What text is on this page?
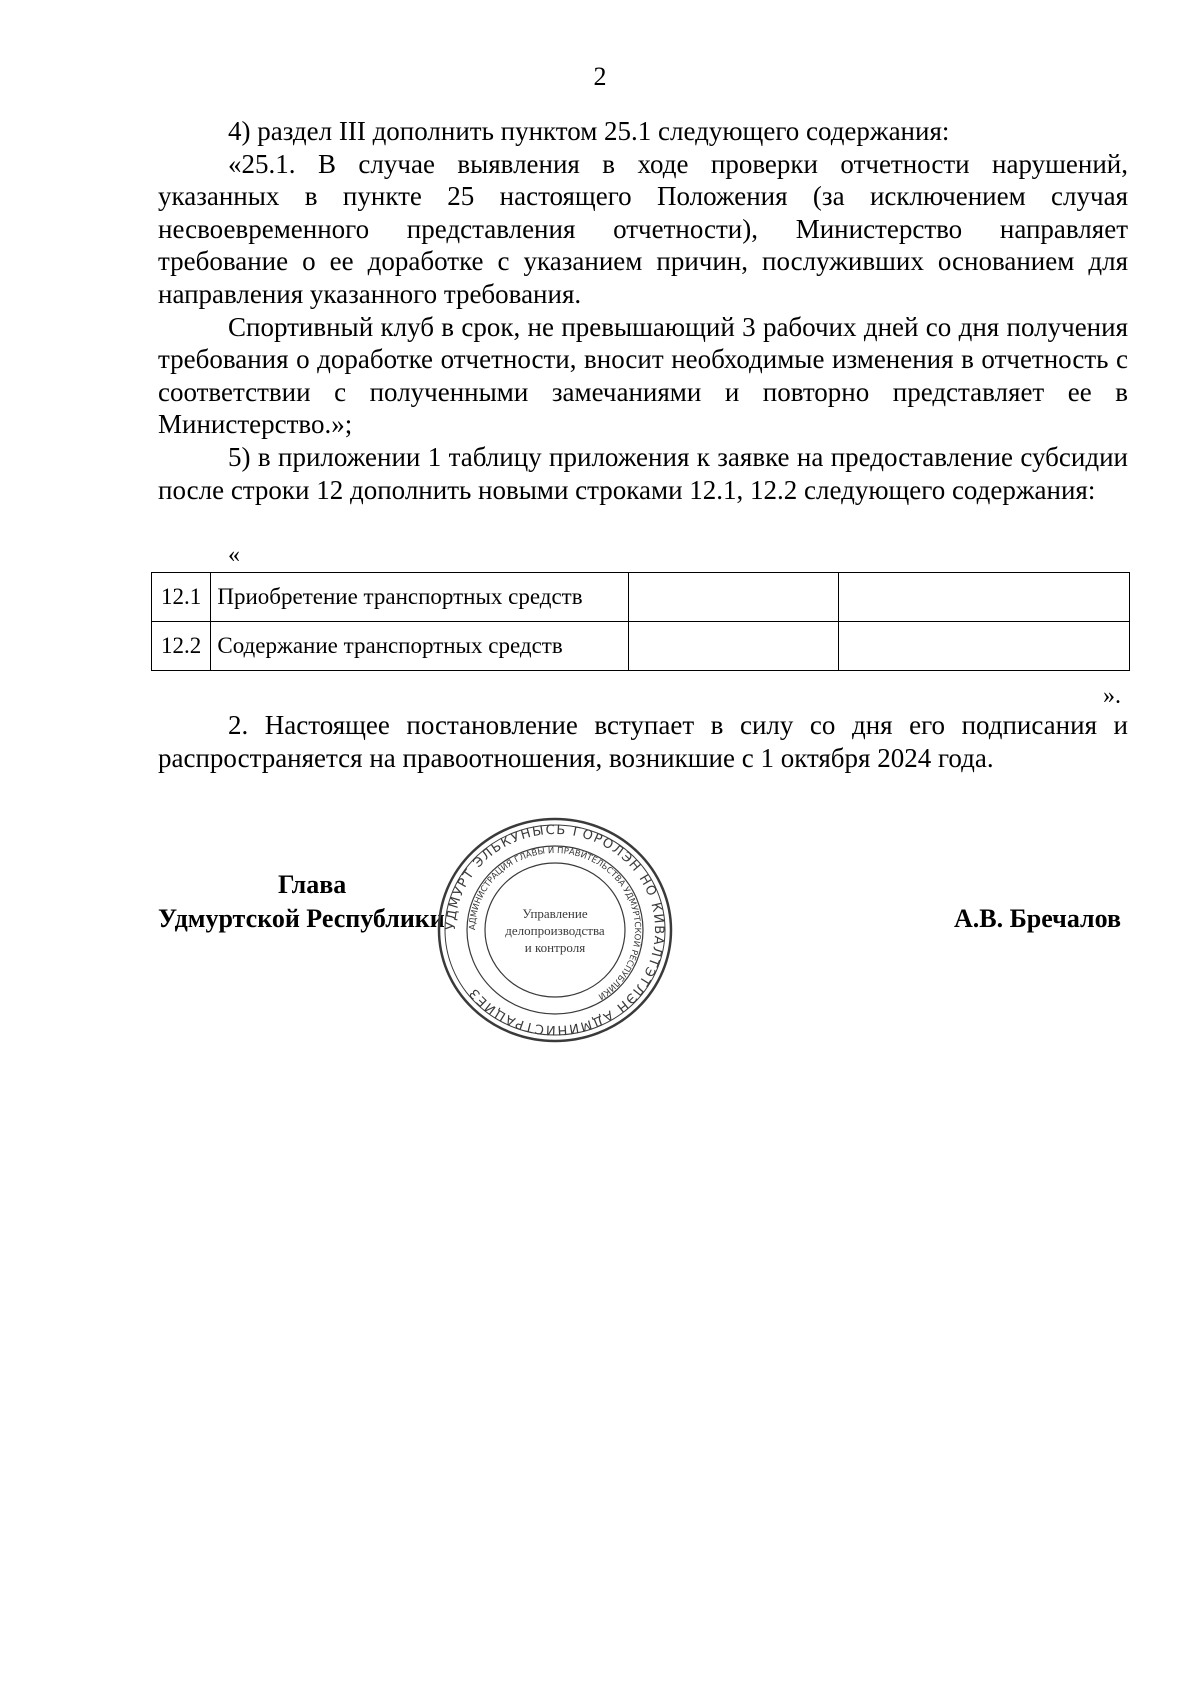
2

4) раздел III дополнить пунктом 25.1 следующего содержания:

«25.1. В случае выявления в ходе проверки отчетности нарушений, указанных в пункте 25 настоящего Положения (за исключением случая несвоевременного представления отчетности), Министерство направляет требование о ее доработке с указанием причин, послуживших основанием для направления указанного требования.

Спортивный клуб в срок, не превышающий 3 рабочих дней со дня получения требования о доработке отчетности, вносит необходимые изменения в отчетность с соответствии с полученными замечаниями и повторно представляет ее в Министерство.»;

5) в приложении 1 таблицу приложения к заявке на предоставление субсидии после строки 12 дополнить новыми строками 12.1, 12.2 следующего содержания:

«
12.1	Приобретение транспортных средств		
12.2	Содержание транспортных средств		
».

2. Настоящее постановление вступает в силу со дня его подписания и распространяется на правоотношения, возникшие с 1 октября 2024 года.

Глава
Удмуртской Республики	А.В. Бречалов
УДМУРТ ЭЛЬКУНЫСЬ ГОРОЛЭН НО КИВАЛТЭТЛЭН АДМИНИСТРАЦИЕЗ
АДМИНИСТРАЦИЯ ГЛАВЫ И ПРАВИТЕЛЬСТВА УДМУРТСКОЙ РЕСПУБЛИКИ
Управление
делопроизводства
и контроля
